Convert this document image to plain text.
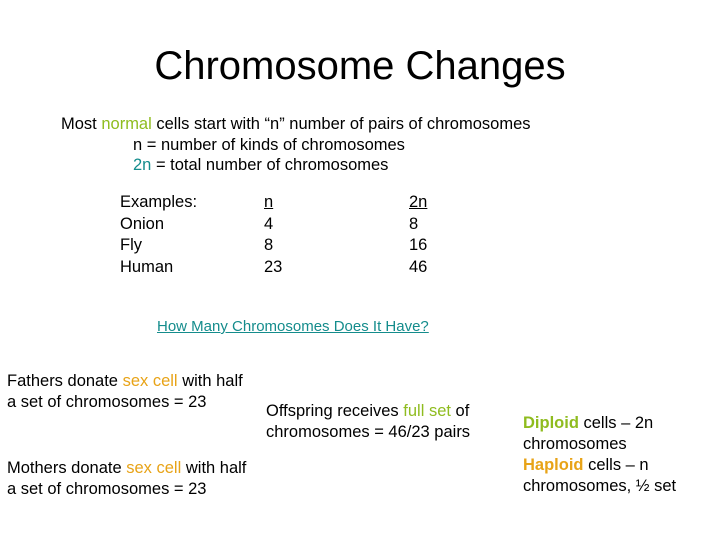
Chromosome Changes
Most normal cells start with “n” number of pairs of chromosomes
n = number of kinds of chromosomes
2n = total number of chromosomes
Examples:	n	2n
Onion	4	8
Fly	8	16
Human	23	46
How Many Chromosomes Does It Have?
Fathers donate sex cell with half
a set of chromosomes = 23	Offspring receives full set of
chromosomes = 46/23 pairs
Mothers donate sex cell with half
a set of chromosomes = 23
Diploid cells – 2n
chromosomes
Haploid cells – n
chromosomes, ½ set
